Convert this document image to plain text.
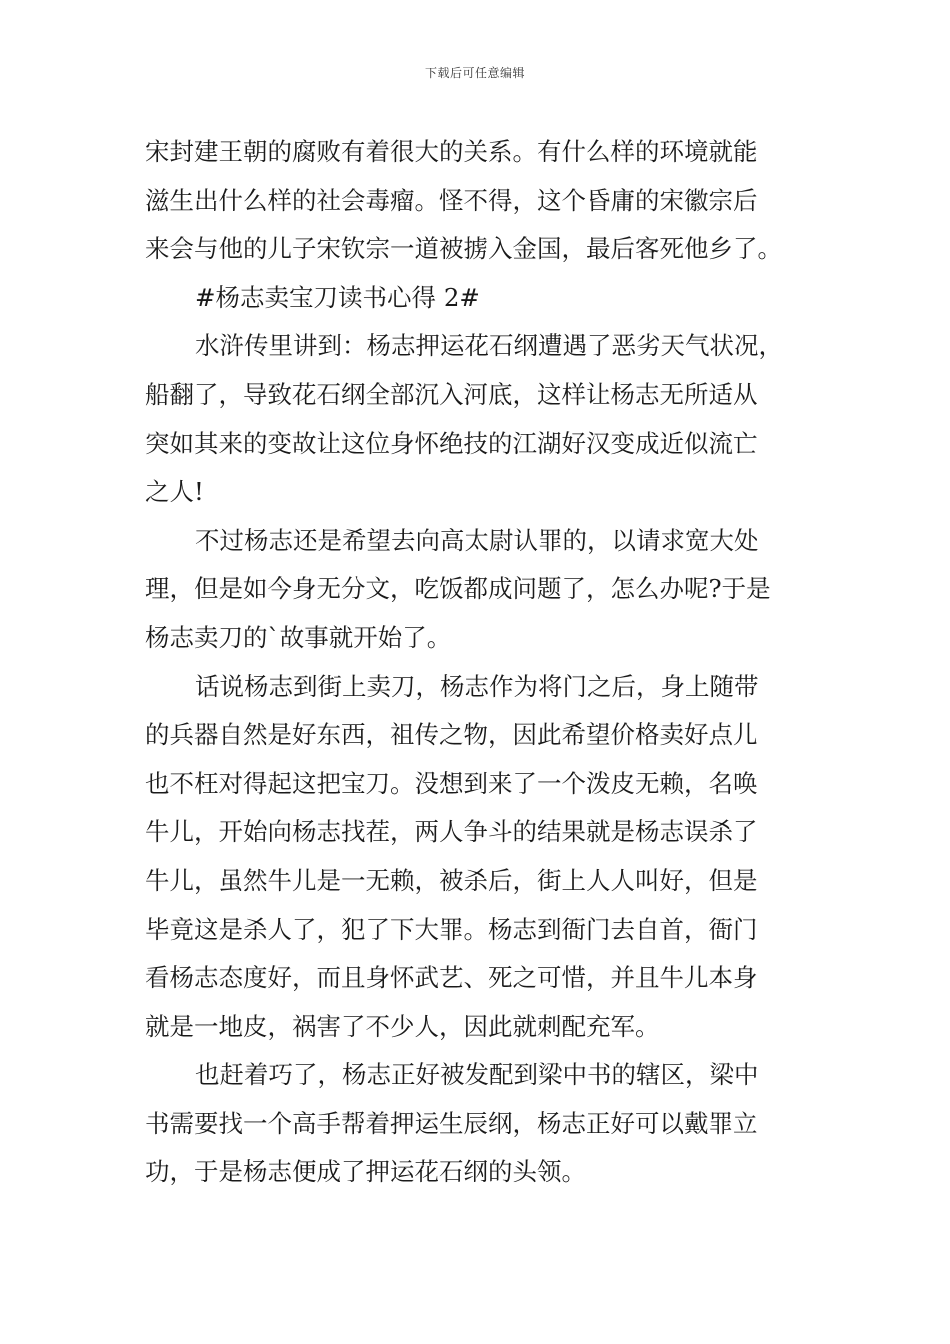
下载后可任意编辑
宋封建王朝的腐败有着很大的关系。有什么样的环境就能
滋生出什么样的社会毒瘤。怪不得，这个昏庸的宋徽宗后
来会与他的儿子宋钦宗一道被掳入金国，最后客死他乡了。
#杨志卖宝刀读书心得 2#
水浒传里讲到：杨志押运花石纲遭遇了恶劣天气状况，
船翻了，导致花石纲全部沉入河底，这样让杨志无所适从
突如其来的变故让这位身怀绝技的江湖好汉变成近似流亡
之人!
不过杨志还是希望去向高太尉认罪的，以请求宽大处
理，但是如今身无分文，吃饭都成问题了，怎么办呢?于是
杨志卖刀的`故事就开始了。
话说杨志到街上卖刀，杨志作为将门之后，身上随带
的兵器自然是好东西，祖传之物，因此希望价格卖好点儿
也不枉对得起这把宝刀。没想到来了一个泼皮无赖，名唤
牛儿，开始向杨志找茬，两人争斗的结果就是杨志误杀了
牛儿，虽然牛儿是一无赖，被杀后，街上人人叫好，但是
毕竟这是杀人了，犯了下大罪。杨志到衙门去自首，衙门
看杨志态度好，而且身怀武艺、死之可惜，并且牛儿本身
就是一地皮，祸害了不少人，因此就刺配充军。
也赶着巧了，杨志正好被发配到梁中书的辖区，梁中
书需要找一个高手帮着押运生辰纲，杨志正好可以戴罪立
功，于是杨志便成了押运花石纲的头领。
